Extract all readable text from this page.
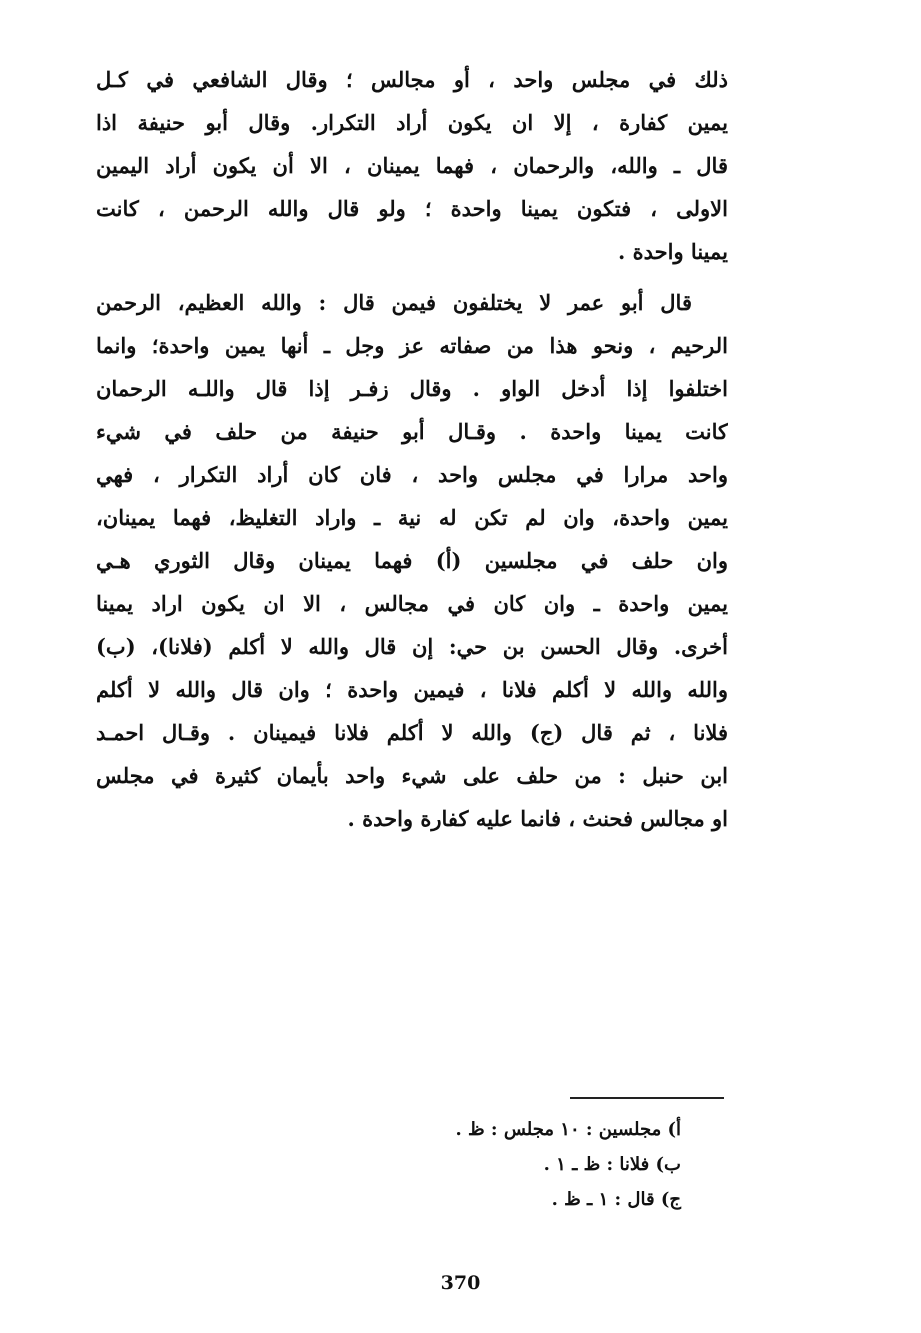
ذلك في مجلس واحد ، أو مجالس ؛ وقال الشافعي في كـل
يمين كفارة ، إلا ان يكون أراد التكرار. وقال أبو حنيفة اذا
قال ـ والله، والرحمان ، فهما يمينان ، الا أن يكون أراد اليمين
الاولى ، فتكون يمينا واحدة ؛ ولو قال والله الرحمن ، كانت
يمينا واحدة .
قال أبو عمر لا يختلفون فيمن قال : والله العظيم، الرحمن
الرحيم ، ونحو هذا من صفاته عز وجل ـ أنها يمين واحدة؛ وانما
اختلفوا إذا أدخل الواو . وقال زفـر إذا قال واللـه الرحمان
كانت يمينا واحدة . وقـال أبو حنيفة من حلف في شيء
واحد مرارا في مجلس واحد ، فان كان أراد التكرار ، فهي
يمين واحدة، وان لم تكن له نية ـ واراد التغليظ، فهما يمينان،
وان حلف في مجلسين (أ) فهما يمينان وقال الثوري هـي
يمين واحدة ـ وان كان في مجالس ، الا ان يكون اراد يمينا
أخرى. وقال الحسن بن حي: إن قال والله لا أكلم (فلانا)، (ب)
والله والله لا أكلم فلانا ، فيمين واحدة ؛ وان قال والله لا أكلم
فلانا ، ثم قال (ج) والله لا أكلم فلانا فيمينان . وقـال احمـد
ابن حنبل : من حلف على شيء واحد بأيمان كثيرة في مجلس
او مجالس فحنث ، فانما عليه كفارة واحدة .
أ) مجلسين : ١٠ مجلس : ظ .
ب) فلانا : ظ ـ ١ .
ج) قال : ١ ـ ظ .
370
